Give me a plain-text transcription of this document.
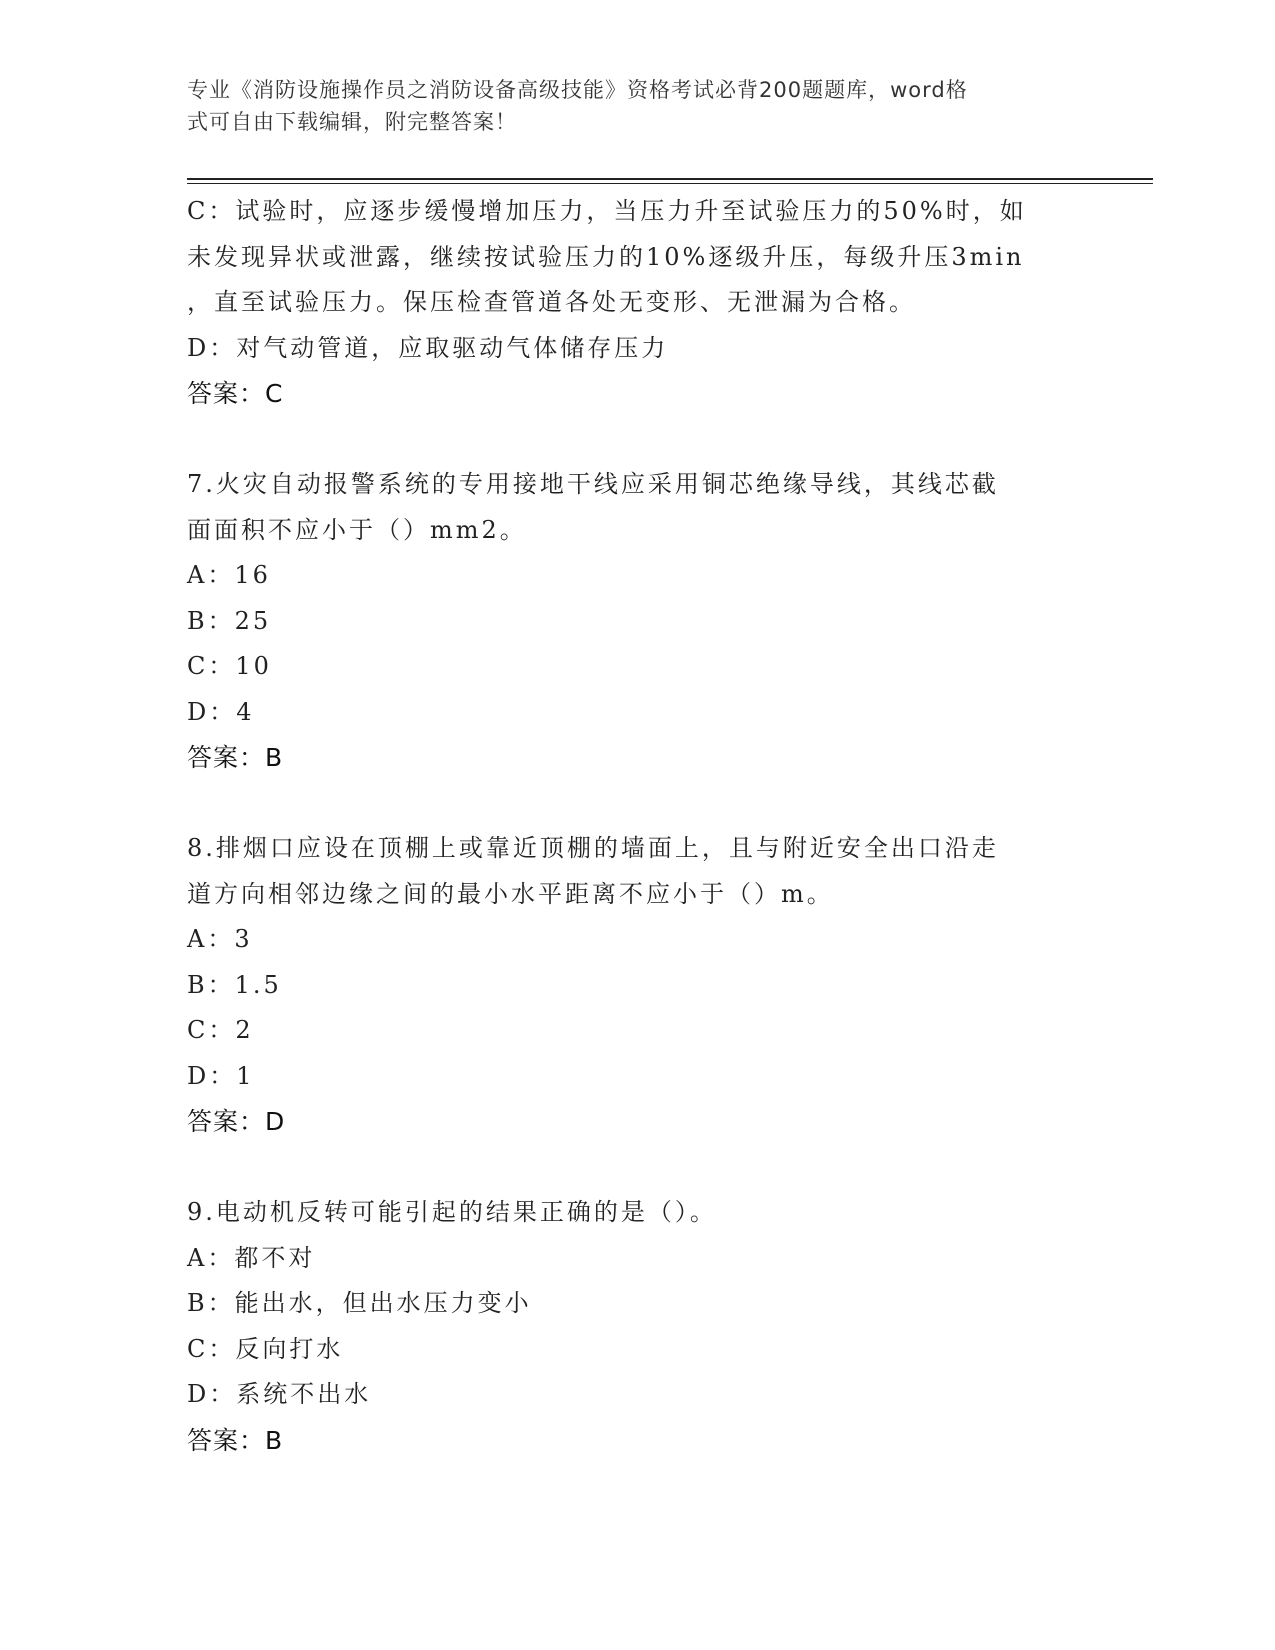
专业《消防设施操作员之消防设备高级技能》资格考试必背200题题库，word格
式可自由下载编辑，附完整答案！
C：试验时，应逐步缓慢增加压力，当压力升至试验压力的50%时，如
未发现异状或泄露，继续按试验压力的10%逐级升压，每级升压3min
，直至试验压力。保压检查管道各处无变形、无泄漏为合格。
D：对气动管道，应取驱动气体储存压力
答案：C
7.火灾自动报警系统的专用接地干线应采用铜芯绝缘导线，其线芯截
面面积不应小于（）mm2。
A：16
B：25
C：10
D：4
答案：B
8.排烟口应设在顶棚上或靠近顶棚的墙面上，且与附近安全出口沿走
道方向相邻边缘之间的最小水平距离不应小于（）m。
A：3
B：1.5
C：2
D：1
答案：D
9.电动机反转可能引起的结果正确的是（）。
A：都不对
B：能出水，但出水压力变小
C：反向打水
D：系统不出水
答案：B
